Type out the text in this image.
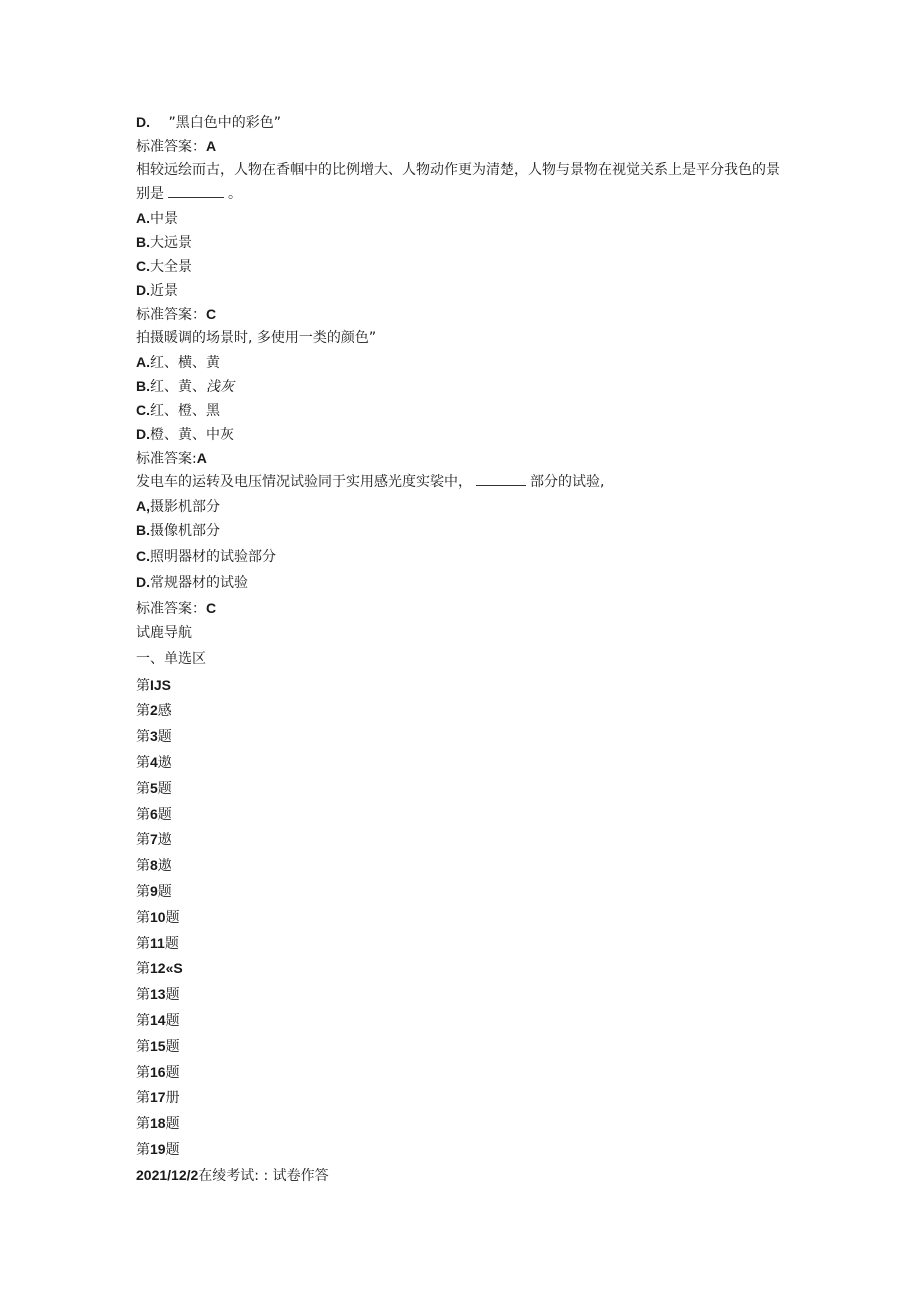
D. ”黑白色中的彩色”
标准答案：A
相较远绘而古，人物在香帼中的比例增大、人物动作更为清楚，人物与景物在视觉关系上是平分我色的景别是	。
A.中景
B.大远景
C.大全景
D.近景
标准答案：C
拍摄暖调的场景时, 多使用一类的颜色”
A.红、横、黄
B.红、黄、浅灰
C.红、橙、黑
D.橙、黄、中灰
标准答案:A
发电车的运转及电压情况试验同于实用感光度实裟中，	部分的试验,
A,摄影机部分
B.摄像机部分
C.照明器材的试验部分
D.常规器材的试验
标准答案：C
试鹿导航
一、单选区
第IJS
第2感
第3题
第4遨
第5题
第6题
第7遨
第8遨
第9题
第10题
第11题
第12«S
第13题
第14题
第15题
第16题
第17册
第18题
第19题
2021/12/2在绫考试: : 试卷作答
